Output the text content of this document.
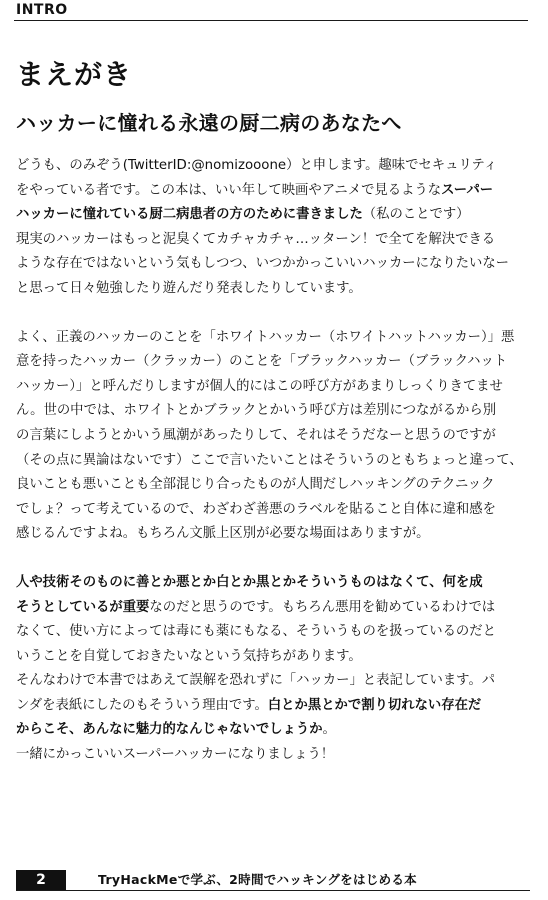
INTRO
まえがき
ハッカーに憧れる永遠の厨二病のあなたへ

どうも、のみぞう(TwitterID:@nomizooone）と申します。趣味でセキュリティ
をやっている者です。この本は、いい年して映画やアニメで見るようなスーパー
ハッカーに憧れている厨二病患者の方のために書きました（私のことです）
現実のハッカーはもっと泥臭くてカチャカチャ…ッターン！で全てを解決できる
ような存在ではないという気もしつつ、いつかかっこいいハッカーになりたいなー
と思って日々勉強したり遊んだり発表したりしています。

よく、正義のハッカーのことを「ホワイトハッカー（ホワイトハットハッカー）」悪
意を持ったハッカー（クラッカー）のことを「ブラックハッカー（ブラックハット
ハッカー）」と呼んだりしますが個人的にはこの呼び方があまりしっくりきてませ
ん。世の中では、ホワイトとかブラックとかいう呼び方は差別につながるから別
の言葉にしようとかいう風潮があったりして、それはそうだなーと思うのですが
（その点に異論はないです）ここで言いたいことはそういうのともちょっと違って、
良いことも悪いことも全部混じり合ったものが人間だしハッキングのテクニック
でしょ？って考えているので、わざわざ善悪のラベルを貼ること自体に違和感を
感じるんですよね。もちろん文脈上区別が必要な場面はありますが。

人や技術そのものに善とか悪とか白とか黒とかそういうものはなくて、何を成
そうとしているが重要なのだと思うのです。もちろん悪用を勧めているわけでは
なくて、使い方によっては毒にも薬にもなる、そういうものを扱っているのだと
いうことを自覚しておきたいなという気持ちがあります。
そんなわけで本書ではあえて誤解を恐れずに「ハッカー」と表記しています。パ
ンダを表紙にしたのもそういう理由です。白とか黒とかで割り切れない存在だ
からこそ、あんなに魅力的なんじゃないでしょうか。
一緒にかっこいいスーパーハッカーになりましょう！

2	TryHackMeで学ぶ、2時間でハッキングをはじめる本
